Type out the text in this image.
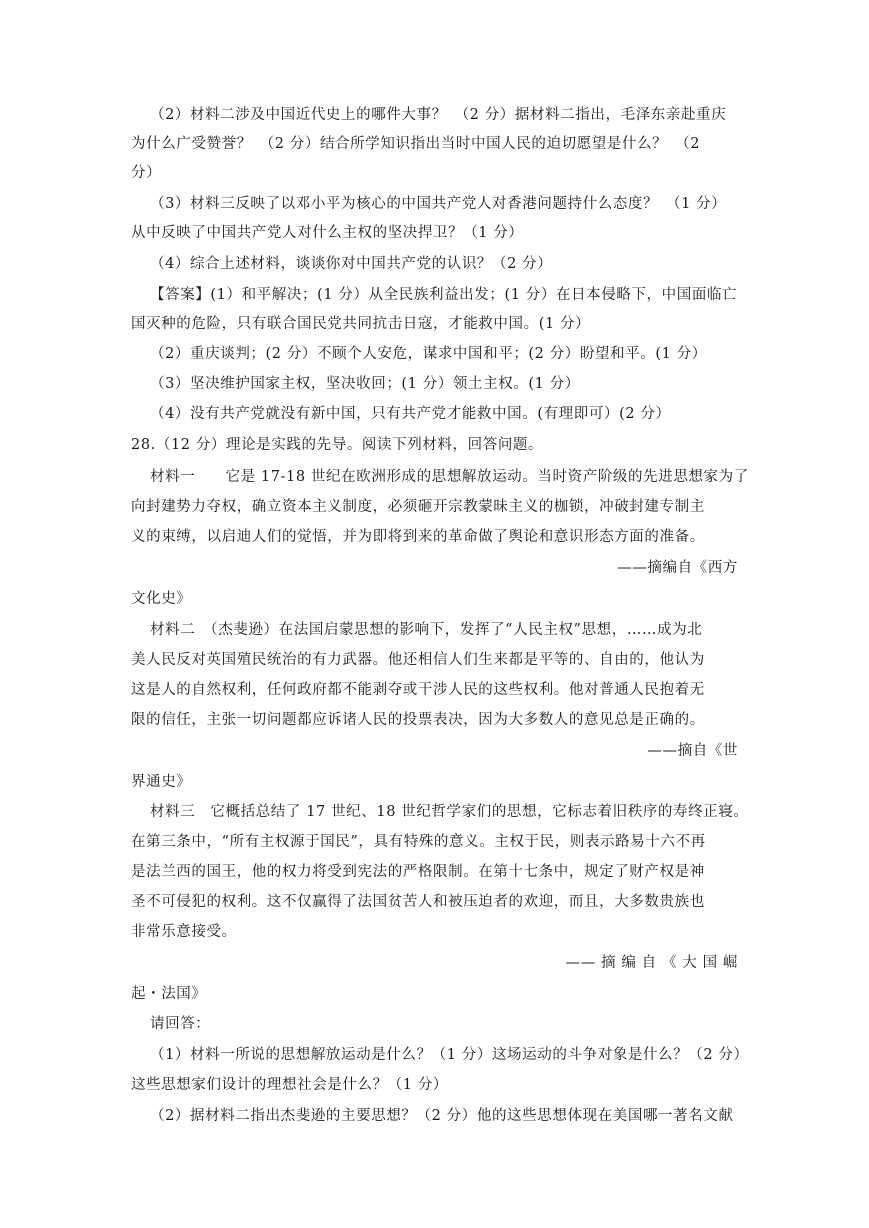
（2）材料二涉及中国近代史上的哪件大事？　（2 分）据材料二指出，毛泽东亲赴重庆
为什么广受赞誉？　（2 分）结合所学知识指出当时中国人民的迫切愿望是什么？　（2
分）
（3）材料三反映了以邓小平为核心的中国共产党人对香港问题持什么态度？　（1 分）
从中反映了中国共产党人对什么主权的坚决捍卫？（1 分）
（4）综合上述材料，谈谈你对中国共产党的认识？（2 分）
【答案】(1）和平解决；(1 分）从全民族利益出发；(1 分）在日本侵略下，中国面临亡
国灭种的危险，只有联合国民党共同抗击日寇，才能救中国。(1 分）
（2）重庆谈判；(2 分）不顾个人安危，谋求中国和平；(2 分）盼望和平。(1 分）
（3）坚决维护国家主权，坚决收回；(1 分）领土主权。(1 分）
（4）没有共产党就没有新中国，只有共产党才能救中国。(有理即可）(2 分）
28.（12 分）理论是实践的先导。阅读下列材料，回答问题。
材料一　　它是 17-18 世纪在欧洲形成的思想解放运动。当时资产阶级的先进思想家为了
向封建势力夺权，确立资本主义制度，必须砸开宗教蒙昧主义的枷锁，冲破封建专制主
义的束缚，以启迪人们的觉悟，并为即将到来的革命做了舆论和意识形态方面的准备。
——摘编自《西方
文化史》
材料二　（杰斐逊）在法国启蒙思想的影响下，发挥了“人民主权”思想，……成为北
美人民反对英国殖民统治的有力武器。他还相信人们生来都是平等的、自由的，他认为
这是人的自然权利，任何政府都不能剥夺或干涉人民的这些权利。他对普通人民抱着无
限的信任，主张一切问题都应诉诸人民的投票表决，因为大多数人的意见总是正确的。
——摘自《世
界通史》
材料三　它概括总结了 17 世纪、18 世纪哲学家们的思想，它标志着旧秩序的寿终正寝。
在第三条中，“所有主权源于国民”，具有特殊的意义。主权于民，则表示路易十六不再
是法兰西的国王，他的权力将受到宪法的严格限制。在第十七条中，规定了财产权是神
圣不可侵犯的权利。这不仅赢得了法国贫苦人和被压迫者的欢迎，而且，大多数贵族也
非常乐意接受。
—— 摘 编 自 《 大 国 崛
起・法国》
请回答：
（1）材料一所说的思想解放运动是什么？（1 分）这场运动的斗争对象是什么？（2 分）
这些思想家们设计的理想社会是什么？（1 分）
（2）据材料二指出杰斐逊的主要思想？（2 分）他的这些思想体现在美国哪一著名文献
